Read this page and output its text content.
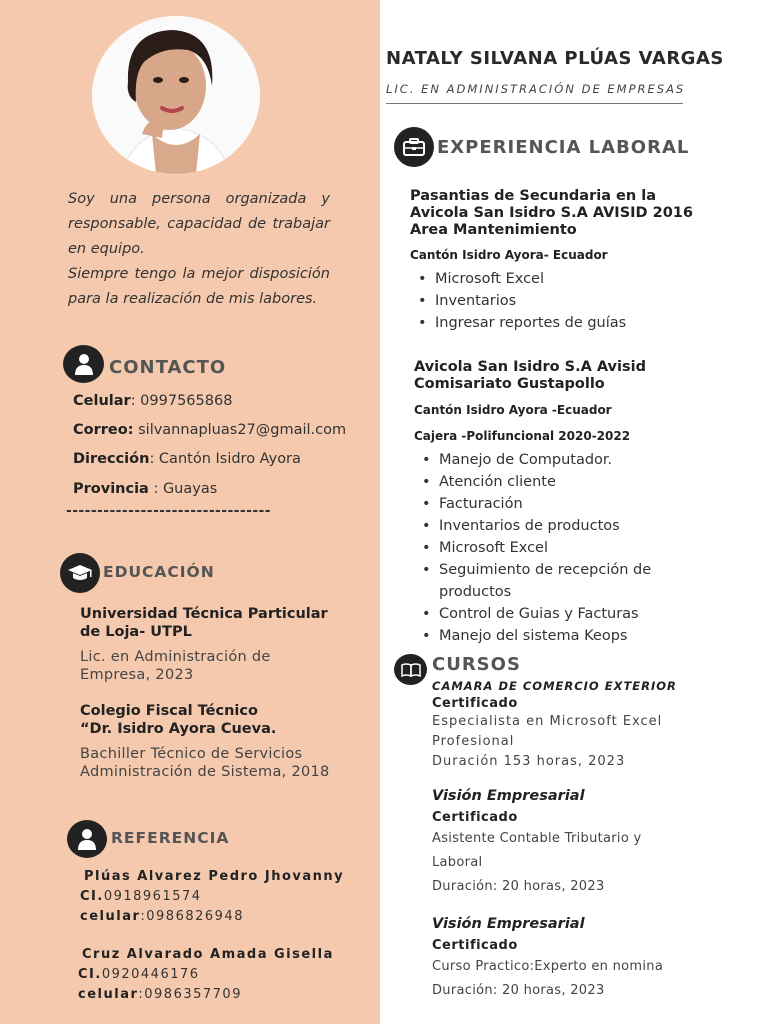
Soy una persona organizada y responsable, capacidad de trabajar en equipo.

Siempre tengo la mejor disposición para la realización de mis labores.

CONTACTO
Celular: 0997565868
Correo: silvannapluas27@gmail.com
Dirección: Cantón Isidro Ayora
Provincia : Guayas
---------------------------------
EDUCACIÓN
Universidad Técnica Particular de Loja- UTPL
Lic. en Administración de Empresa, 2023
Colegio Fiscal Técnico “Dr. Isidro Ayora Cueva.
Bachiller Técnico de Servicios Administración de Sistema, 2018
REFERENCIA
Plúas Alvarez Pedro Jhovanny
CI.0918961574
celular:0986826948
Cruz Alvarado Amada Gisella
CI.0920446176
celular:0986357709
NATALY SILVANA PLÚAS VARGAS
LIC. EN ADMINISTRACIÓN DE EMPRESAS
EXPERIENCIA LABORAL
Pasantias de Secundaria en la Avicola San Isidro S.A AVISID 2016 Area Mantenimiento
Cantón Isidro Ayora- Ecuador
• Microsoft Excel
• Inventarios
• Ingresar reportes de guías
Avicola San Isidro S.A Avisid Comisariato Gustapollo
Cantón Isidro Ayora -Ecuador
Cajera -Polifuncional 2020-2022
• Manejo de Computador.
• Atención cliente
• Facturación
• Inventarios de productos
• Microsoft Excel
• Seguimiento de recepción de productos
• Control de Guias y Facturas
• Manejo del sistema Keops
CURSOS
CAMARA DE COMERCIO EXTERIOR
Certificado
Especialista en Microsoft Excel Profesional
Duración 153 horas, 2023
Visión Empresarial
Certificado
Asistente Contable Tributario y Laboral
Duración: 20 horas, 2023
Visión Empresarial
Certificado
Curso Practico:Experto en nomina
Duración: 20 horas, 2023
